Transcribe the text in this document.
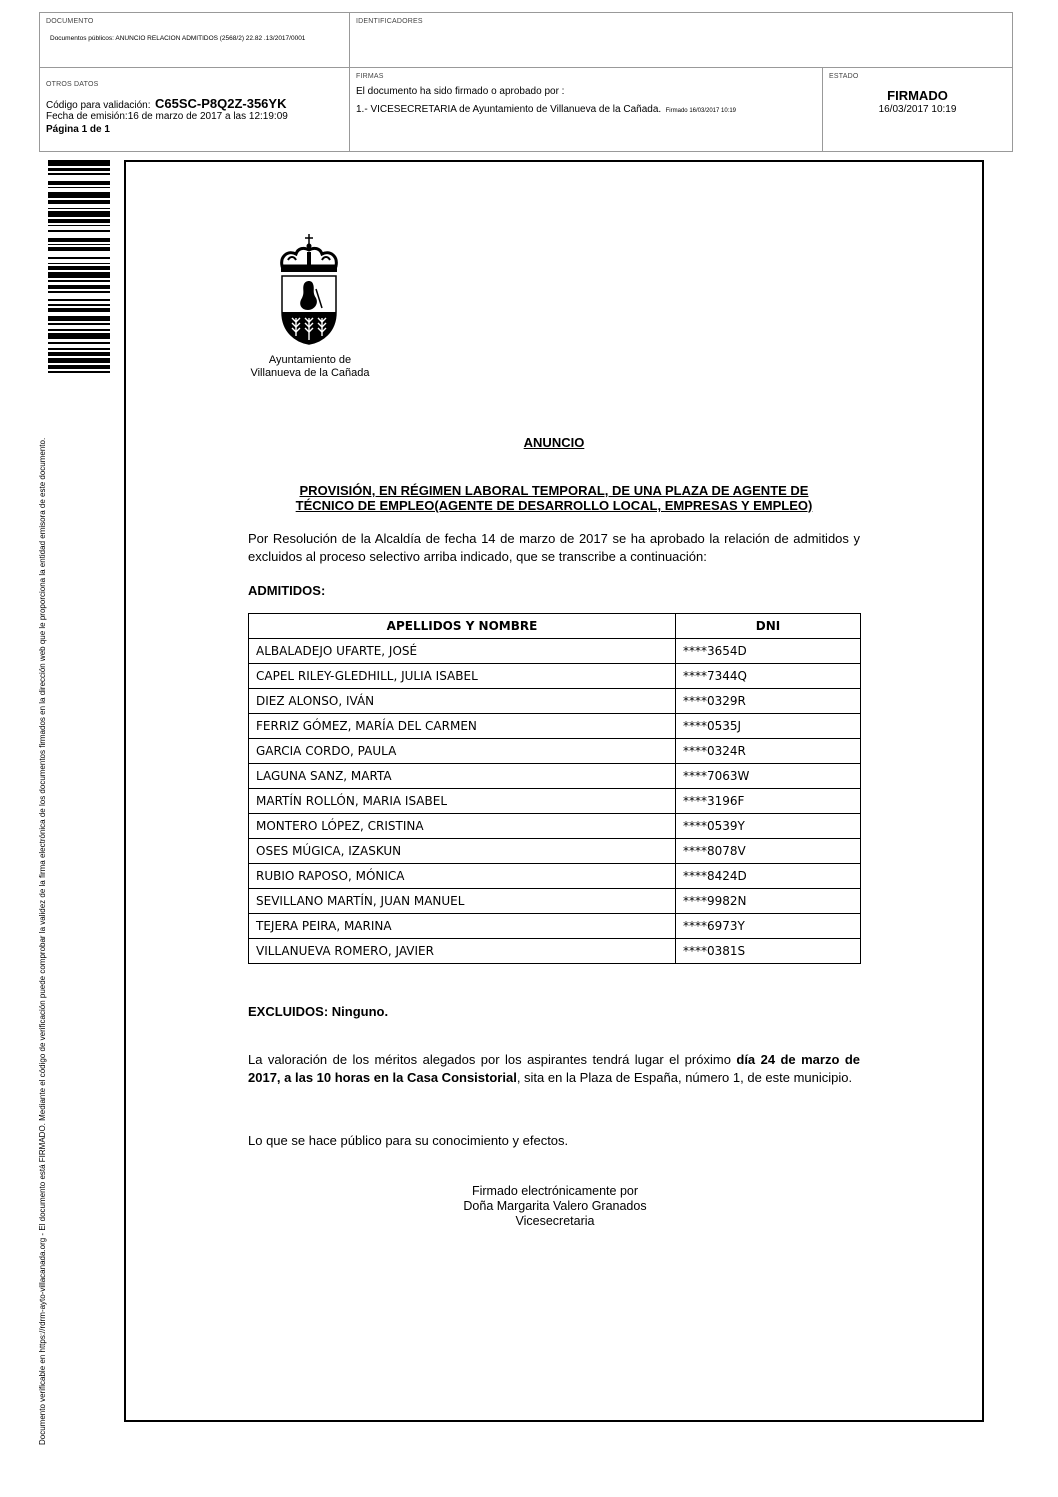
DOCUMENTO
Documentos públicos: ANUNCIO RELACION ADMITIDOS (2568/2) 22.82 .13/2017/0001
IDENTIFICADORES
OTROS DATOS
Código para validación: C65SC-P8Q2Z-356YK
Fecha de emisión:16 de marzo de 2017 a las 12:19:09
Página 1 de 1
FIRMAS
El documento ha sido firmado o aprobado por :
1.- VICESECRETARIA de Ayuntamiento de Villanueva de la Cañada. Firmado 16/03/2017 10:19
ESTADO
FIRMADO
16/03/2017 10:19
Documento verificable en https://rdrm-ayto-villacanada.org - El documento está FIRMADO. Mediante el código de verificación puede comprobar la validez de la firma electrónica de los documentos firmados en la dirección web que le proporciona la entidad emisora de este documento.
Ayuntamiento de
Villanueva de la Cañada
ANUNCIO
PROVISIÓN, EN RÉGIMEN LABORAL TEMPORAL, DE UNA PLAZA DE AGENTE DE
TÉCNICO DE EMPLEO(AGENTE DE DESARROLLO LOCAL, EMPRESAS Y EMPLEO)
Por Resolución de la Alcaldía de fecha 14 de marzo de 2017 se ha aprobado la relación de admitidos y excluidos al proceso selectivo arriba indicado, que se transcribe a continuación:
ADMITIDOS:
APELLIDOS Y NOMBRE	DNI
ALBALADEJO UFARTE, JOSÉ	****3654D
CAPEL RILEY-GLEDHILL, JULIA ISABEL	****7344Q
DIEZ ALONSO, IVÁN	****0329R
FERRIZ GÓMEZ, MARÍA DEL CARMEN	****0535J
GARCIA CORDO, PAULA	****0324R
LAGUNA SANZ, MARTA	****7063W
MARTÍN ROLLÓN, MARIA ISABEL	****3196F
MONTERO LÓPEZ, CRISTINA	****0539Y
OSES MÚGICA, IZASKUN	****8078V
RUBIO RAPOSO, MÓNICA	****8424D
SEVILLANO MARTÍN, JUAN MANUEL	****9982N
TEJERA PEIRA, MARINA	****6973Y
VILLANUEVA ROMERO, JAVIER	****0381S
EXCLUIDOS: Ninguno.
La valoración de los méritos alegados por los aspirantes tendrá lugar el próximo día 24 de marzo de 2017, a las 10 horas en la Casa Consistorial, sita en la Plaza de España, número 1, de este municipio.
Lo que se hace público para su conocimiento y efectos.
Firmado electrónicamente por
Doña Margarita Valero Granados
Vicesecretaria
